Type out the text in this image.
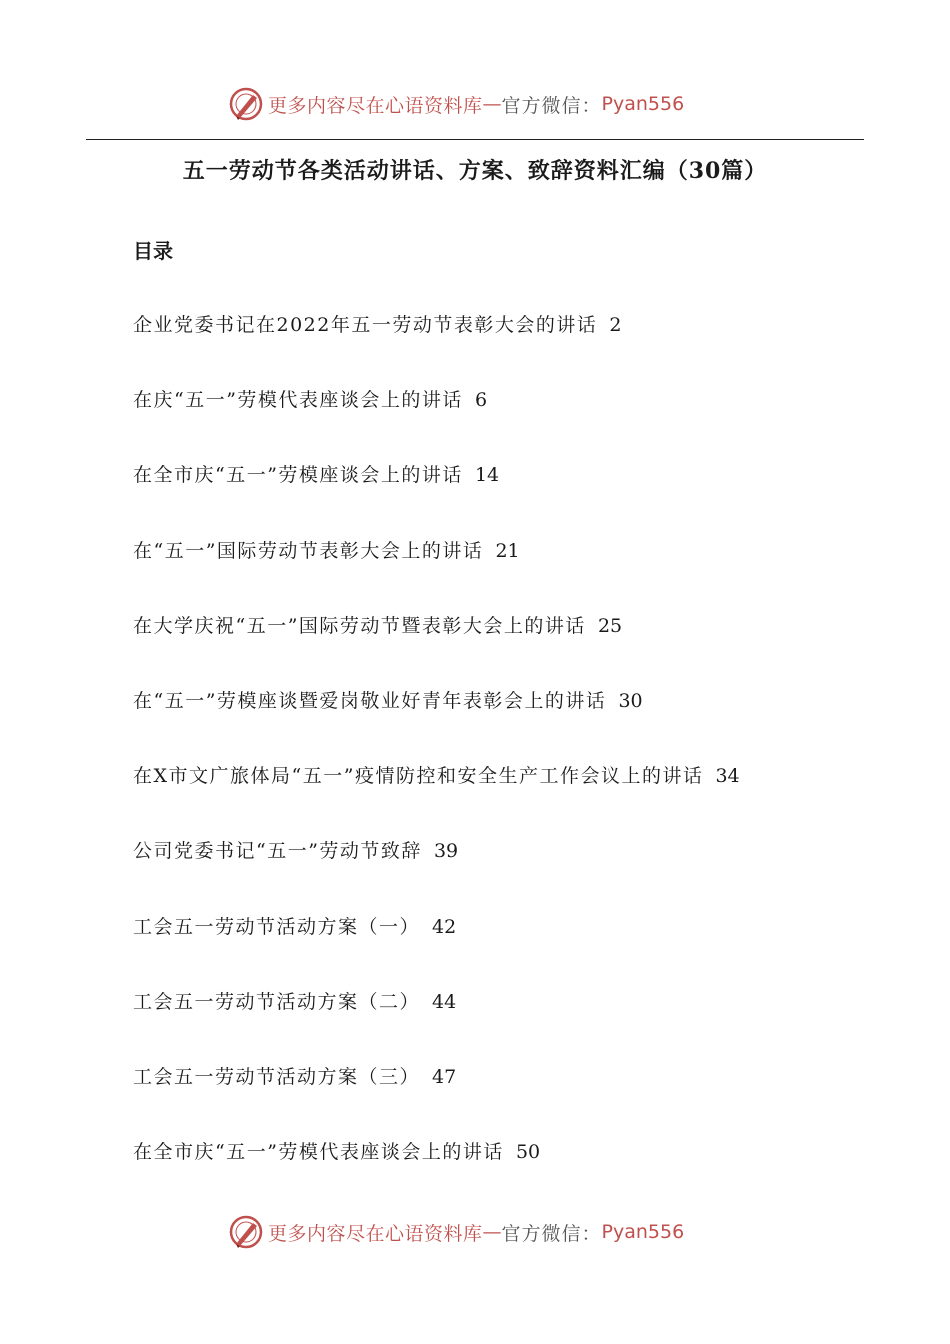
更多内容尽在心语资料库 — 官方微信： Pyan556
五一劳动节各类活动讲话、方案、致辞资料汇编（30篇）
目录
企业党委书记在2022年五一劳动节表彰大会的讲话 2
在庆“五一”劳模代表座谈会上的讲话 6
在全市庆“五一”劳模座谈会上的讲话 14
在“五一”国际劳动节表彰大会上的讲话 21
在大学庆祝“五一”国际劳动节暨表彰大会上的讲话 25
在“五一”劳模座谈暨爱岗敬业好青年表彰会上的讲话 30
在X市文广旅体局“五一”疫情防控和安全生产工作会议上的讲话 34
公司党委书记“五一”劳动节致辞 39
工会五一劳动节活动方案（一） 42
工会五一劳动节活动方案（二） 44
工会五一劳动节活动方案（三） 47
在全市庆“五一”劳模代表座谈会上的讲话 50
更多内容尽在心语资料库 — 官方微信： Pyan556
